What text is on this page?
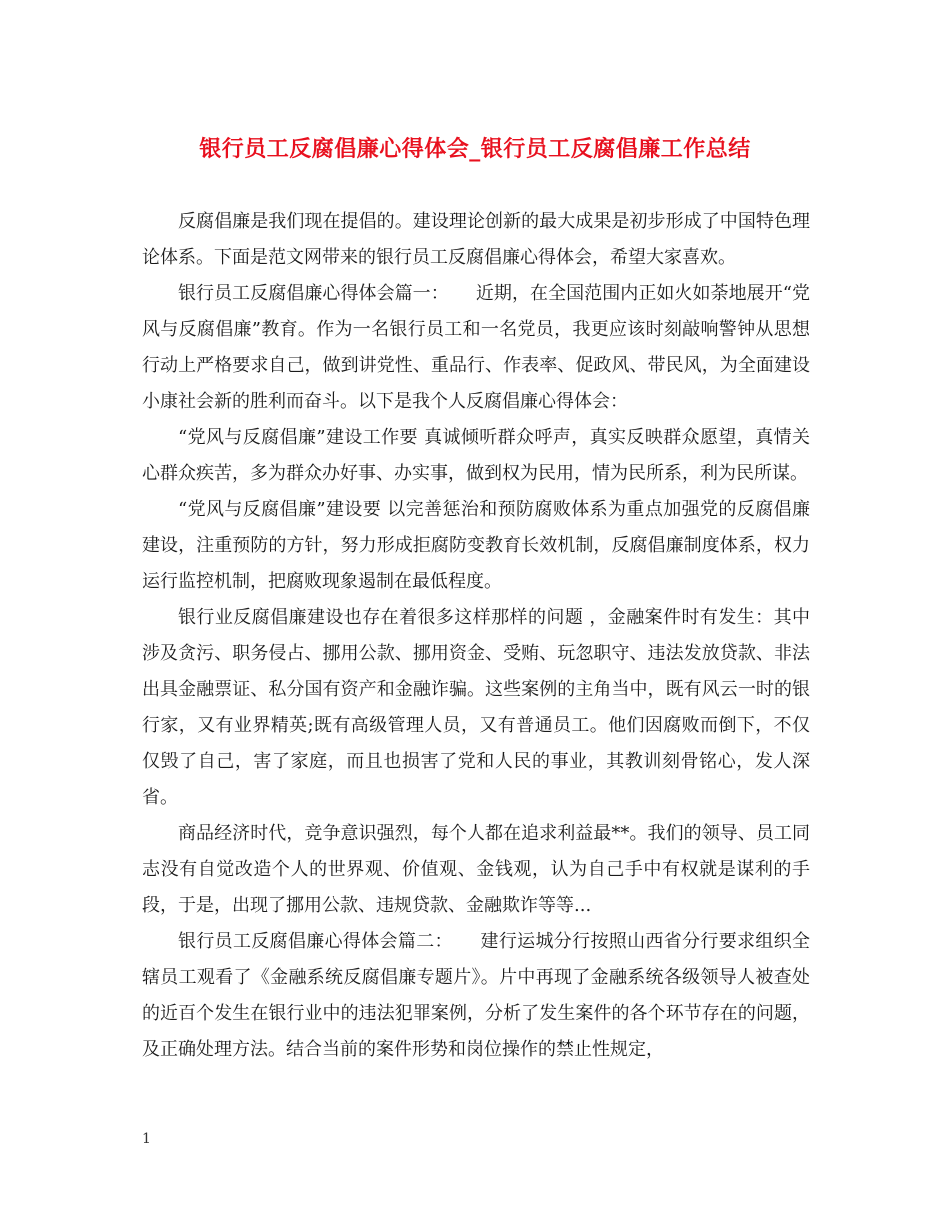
银行员工反腐倡廉心得体会_银行员工反腐倡廉工作总结

反腐倡廉是我们现在提倡的。建设理论创新的最大成果是初步形成了中国特色理论体系。下面是范文网带来的银行员工反腐倡廉心得体会，希望大家喜欢。

银行员工反腐倡廉心得体会篇一：　　近期，在全国范围内正如火如荼地展开“党风与反腐倡廉”教育。作为一名银行员工和一名党员，我更应该时刻敲响警钟从思想行动上严格要求自己，做到讲党性、重品行、作表率、促政风、带民风，为全面建设小康社会新的胜利而奋斗。以下是我个人反腐倡廉心得体会：

“党风与反腐倡廉”建设工作要 真诚倾听群众呼声，真实反映群众愿望，真情关心群众疾苦，多为群众办好事、办实事，做到权为民用，情为民所系，利为民所谋。

“党风与反腐倡廉”建设要 以完善惩治和预防腐败体系为重点加强党的反腐倡廉建设，注重预防的方针，努力形成拒腐防变教育长效机制，反腐倡廉制度体系，权力运行监控机制，把腐败现象遏制在最低程度。

银行业反腐倡廉建设也存在着很多这样那样的问题 ，金融案件时有发生：其中 涉及贪污、职务侵占、挪用公款、挪用资金、受贿、玩忽职守、违法发放贷款、非法出具金融票证、私分国有资产和金融诈骗。这些案例的主角当中，既有风云一时的银行家，又有业界精英;既有高级管理人员，又有普通员工。他们因腐败而倒下，不仅仅毁了自己，害了家庭，而且也损害了党和人民的事业，其教训刻骨铭心，发人深省。

商品经济时代，竞争意识强烈，每个人都在追求利益最**。我们的领导、员工同志没有自觉改造个人的世界观、价值观、金钱观，认为自己手中有权就是谋利的手段，于是，出现了挪用公款、违规贷款、金融欺诈等等...

银行员工反腐倡廉心得体会篇二：　　建行运城分行按照山西省分行要求组织全辖员工观看了《金融系统反腐倡廉专题片》。片中再现了金融系统各级领导人被查处的近百个发生在银行业中的违法犯罪案例，分析了发生案件的各个环节存在的问题，及正确处理方法。结合当前的案件形势和岗位操作的禁止性规定，

1
